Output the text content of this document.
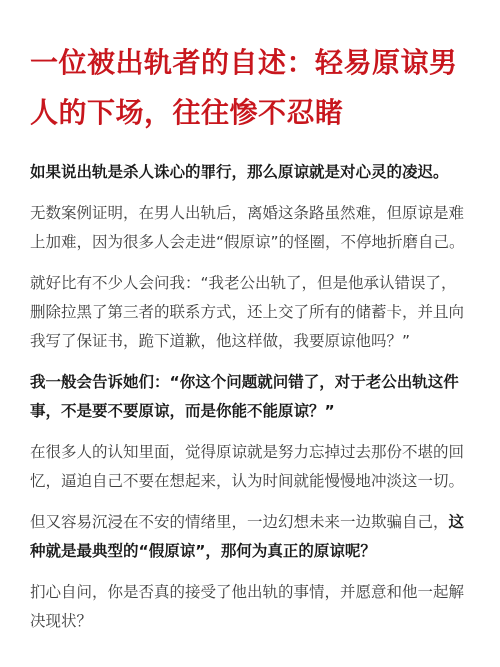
一位被出轨者的自述：轻易原谅男
人的下场，往往惨不忍睹

如果说出轨是杀人诛心的罪行，那么原谅就是对心灵的凌迟。

无数案例证明，在男人出轨后，离婚这条路虽然难，但原谅是难
上加难，因为很多人会走进“假原谅”的怪圈，不停地折磨自己。

就好比有不少人会问我：“我老公出轨了，但是他承认错误了，
删除拉黑了第三者的联系方式，还上交了所有的储蓄卡，并且向
我写了保证书，跪下道歉，他这样做，我要原谅他吗？”

我一般会告诉她们：“你这个问题就问错了，对于老公出轨这件
事，不是要不要原谅，而是你能不能原谅？”

在很多人的认知里面，觉得原谅就是努力忘掉过去那份不堪的回
忆，逼迫自己不要在想起来，认为时间就能慢慢地冲淡这一切。

但又容易沉浸在不安的情绪里，一边幻想未来一边欺骗自己，这
种就是最典型的“假原谅”，那何为真正的原谅呢？

扪心自问，你是否真的接受了他出轨的事情，并愿意和他一起解
决现状？
